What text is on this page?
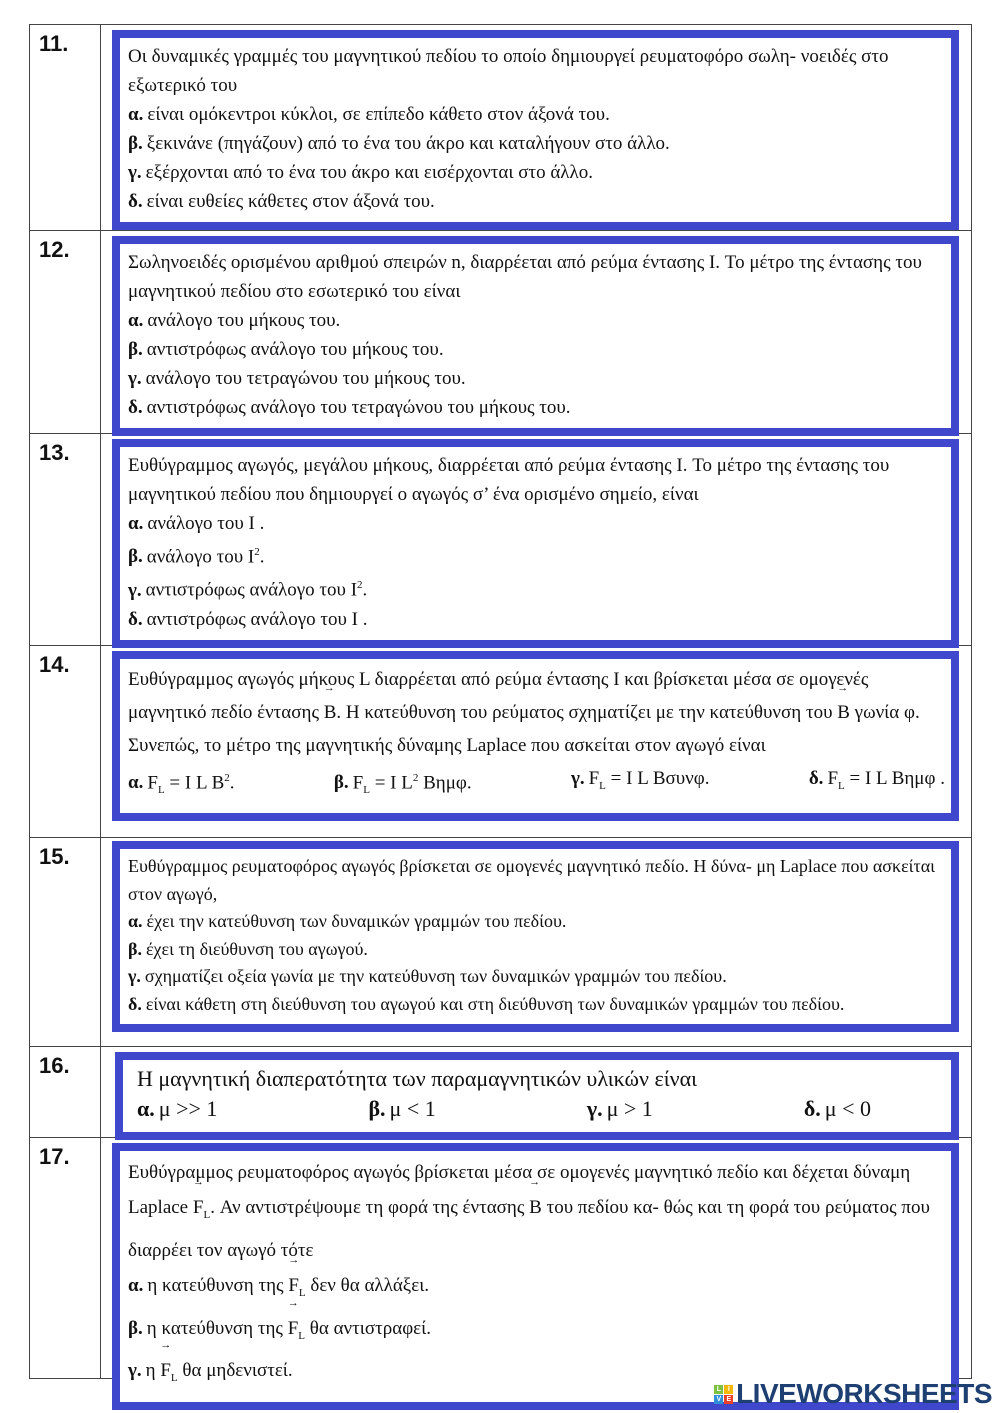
11.

Οι δυναμικές γραμμές του μαγνητικού πεδίου το οποίο δημιουργεί ρευματοφόρο σωλη- νοειδές στο εξωτερικό του

α. είναι ομόκεντροι κύκλοι, σε επίπεδο κάθετο στον άξονά του.

β. ξεκινάνε (πηγάζουν) από το ένα του άκρο και καταλήγουν στο άλλο.

γ. εξέρχονται από το ένα του άκρο και εισέρχονται στο άλλο.

δ. είναι ευθείες κάθετες στον άξονά του.

12.

Σωληνοειδές ορισμένου αριθμού σπειρών n, διαρρέεται από ρεύμα έντασης I. Το μέτρο της έντασης του μαγνητικού πεδίου στο εσωτερικό του είναι

α. ανάλογο του μήκους του.

β. αντιστρόφως ανάλογο του μήκους του.

γ. ανάλογο του τετραγώνου του μήκους του.

δ. αντιστρόφως ανάλογο του τετραγώνου του μήκους του.

13.

Ευθύγραμμος αγωγός, μεγάλου μήκους, διαρρέεται από ρεύμα έντασης I. Το μέτρο της έντασης του μαγνητικού πεδίου που δημιουργεί ο αγωγός σ’ ένα ορισμένο σημείο, είναι

α. ανάλογο του I .

β. ανάλογο του $I^2$.

γ. αντιστρόφως ανάλογο του $I^2$.

δ. αντιστρόφως ανάλογο του I .

14.

Ευθύγραμμος αγωγός μήκους L διαρρέεται από ρεύμα έντασης I και βρίσκεται μέσα σε ομογενές μαγνητικό πεδίο έντασης → B. Η κατεύθυνση του ρεύματος σχηματίζει με την κατεύθυνση του → B γωνία φ. Συνεπώς, το μέτρο της μαγνητικής δύναμης Laplace που ασκείται στον αγωγό είναι

α. $F_L = I$ L $B^2$.	β. $F_L = I$ $L^2$ Βημφ.	γ. $F_L = I$ L Βσυνφ.	δ. $F_L = I$ L Βημφ .
15.	Ευθύγραμμος ρευματοφόρος αγωγός βρίσκεται σε ομογενές μαγνητικό πεδίο. Η δύνα- μη Laplace που ασκείται στον αγωγό,

α. έχει την κατεύθυνση των δυναμικών γραμμών του πεδίου.

β. έχει τη διεύθυνση του αγωγού.

γ. σχηματίζει οξεία γωνία με την κατεύθυνση των δυναμικών γραμμών του πεδίου.

δ. είναι κάθετη στη διεύθυνση του αγωγού και στη διεύθυνση των δυναμικών γραμμών του πεδίου.

16.

Η μαγνητική διαπερατότητα των παραμαγνητικών υλικών είναι

α. μ >> 1	β. μ < 1	γ. μ > 1	δ. μ < 0
17.

Ευθύγραμμος ρευματοφόρος αγωγός βρίσκεται μέσα σε ομογενές μαγνητικό πεδίο και δέχεται δύναμη Laplace → $F_L$. Αν αντιστρέψουμε τη φορά της έντασης → B του πεδίου κα- θώς και τη φορά του ρεύματος που διαρρέει τον αγωγό τότε

α. η κατεύθυνση $\tau\eta\varsigma \to F_L$ δεν θα αλλάξει.

β. η κατεύθυνση $\tau\eta\varsigma \to F_L$ θα αντιστραφεί.

γ. $\eta \to F_L$ θα μηδενιστεί.

L	I
V E LIVEWORKSHEETS
